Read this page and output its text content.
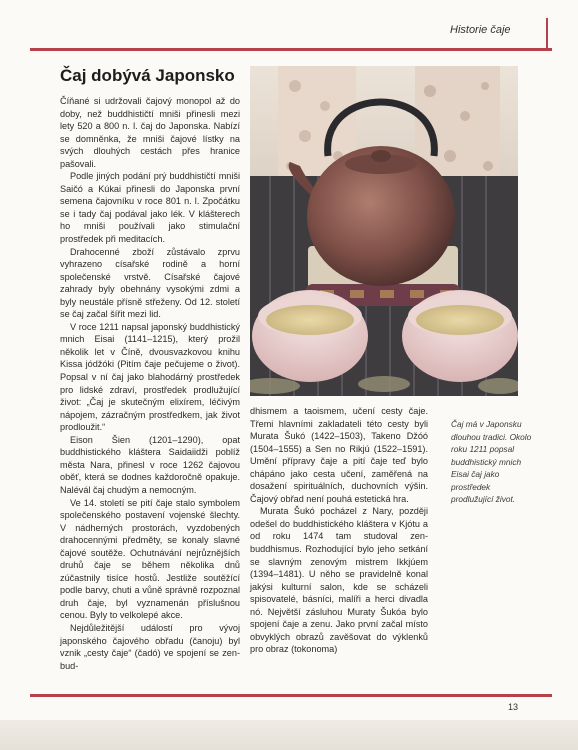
Historie čaje
Čaj dobývá Japonsko

Číňané si udržovali čajový monopol až do doby, než buddhističtí mniši přinesli mezi lety 520 a 800 n. l. čaj do Japonska. Nabízí se domněnka, že mniši čajové lístky na svých dlouhých cestách přes hranice pašovali.

Podle jiných podání prý buddhističtí mniši Saičó a Kúkai přinesli do Japonska první semena čajovníku v roce 801 n. l. Zpočátku se i tady čaj podával jako lék. V klášterech ho mniši používali jako stimulační prostředek při meditacích.

Drahocenné zboží zůstávalo zprvu vyhrazeno císařské rodině a horní společenské vrstvě. Císařské čajové zahrady byly obehnány vysokými zdmi a byly neustále přísně střeženy. Od 12. století se čaj začal šířit mezi lid.

V roce 1211 napsal japonský buddhistický mnich Eisai (1141–1215), který prožil několik let v Číně, dvousvazkovou knihu Kissa jódžóki (Pitím čaje pečujeme o život). Popsal v ní čaj jako blahodárný prostředek pro lidské zdraví, prostředek prodlužující život: „Čaj je skutečným elixírem, léčivým nápojem, zázračným prostředkem, jak život prodloužit.“

Eison Šien (1201–1290), opat buddhistického kláštera Saidaiidži poblíž města Nara, přinesl v roce 1262 čajovou oběť, která se dodnes každoročně opakuje. Nalévál čaj chudým a nemocným.

Ve 14. století se pití čaje stalo symbolem společenského postavení vojenské šlechty. V nádherných prostorách, vyzdobených drahocennými předměty, se konaly slavné čajové soutěže. Ochutnávání nejrůznějších druhů čaje se během několika dnů zúčastnily tisíce hostů. Jestliže soutěžící podle barvy, chuti a vůně správně rozpoznal druh čaje, byl vyznamenán příslušnou cenou. Byly to velkolepé akce.

Nejdůležitější událostí pro vývoj japonského čajového obřadu (čanoju) byl vznik „cesty čaje“ (čadó) ve spojení se zen-bud-

dhismem a taoismem, učení cesty čaje. Třemi hlavními zakladateli této cesty byli Murata Šukó (1422–1503), Takeno Džóó (1504–1555) a Sen no Rikjú (1522–1591). Umění přípravy čaje a pití čaje teď bylo chápáno jako cesta učení, zaměřená na dosažení spirituálních, duchovních výšin. Čajový obřad není pouhá estetická hra.

Murata Šukó pocházel z Nary, později odešel do buddhistického kláštera v Kjótu a od roku 1474 tam studoval zen-buddhismus. Rozhodující bylo jeho setkání se slavným zenovým mistrem Ikkjúem (1394–1481). U něho se pravidelně konal jakýsi kulturní salon, kde se scházeli spisovatelé, básníci, malíři a herci divadla nó. Největší zásluhou Muraty Šukóa bylo spojení čaje a zenu. Jako první začal místo obvyklých obrazů zavěšovat do výklenků pro obraz (tokonoma)

Čaj má v Japonsku dlouhou tradici. Okolo roku 1211 popsal buddhistický mnich Eisai čaj jako prostředek prodlužující život.
13
